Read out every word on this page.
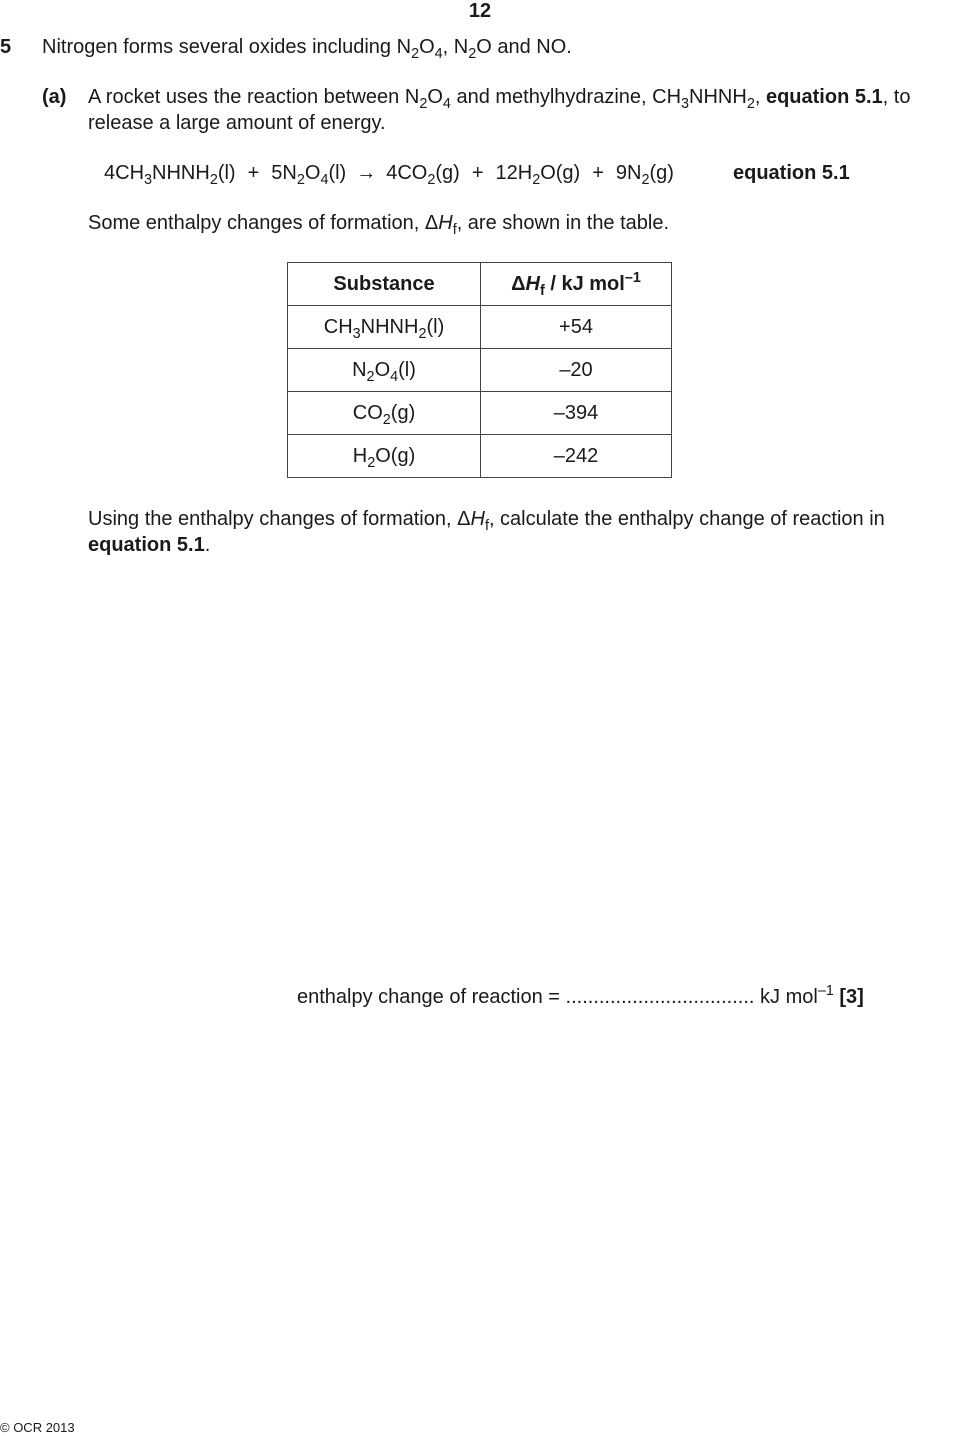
12
5 Nitrogen forms several oxides including $N_2O_4$, $N_2O$ and NO.
(a) A rocket uses the reaction between $N_2O_4$ and methylhydrazine, $CH_3NHNH_2$, equation 5.1, to
release a large amount of energy.
$4CH_3NHNH_2(l) + 5N_2O_4(l) \to 4CO_2(g) + 12H_2O(g) + 9N_2(g)$	equation 5.1
Some enthalpy changes of formation, $\Delta H_f$, are shown in the table.
Substance	$\Delta H_f$ / kJ mol$^{-1}$
$CH_3NHNH_2(l)$	+54
$N_2O_4(l)$	–20
$CO_2(g)$	–394
$H_2O(g)$	–242
Using the enthalpy changes of formation, $\Delta H_f$, calculate the enthalpy change of reaction in
equation 5.1.
enthalpy change of reaction = .................................. kJ mol$^{-1}$ [3]
© OCR 2013
